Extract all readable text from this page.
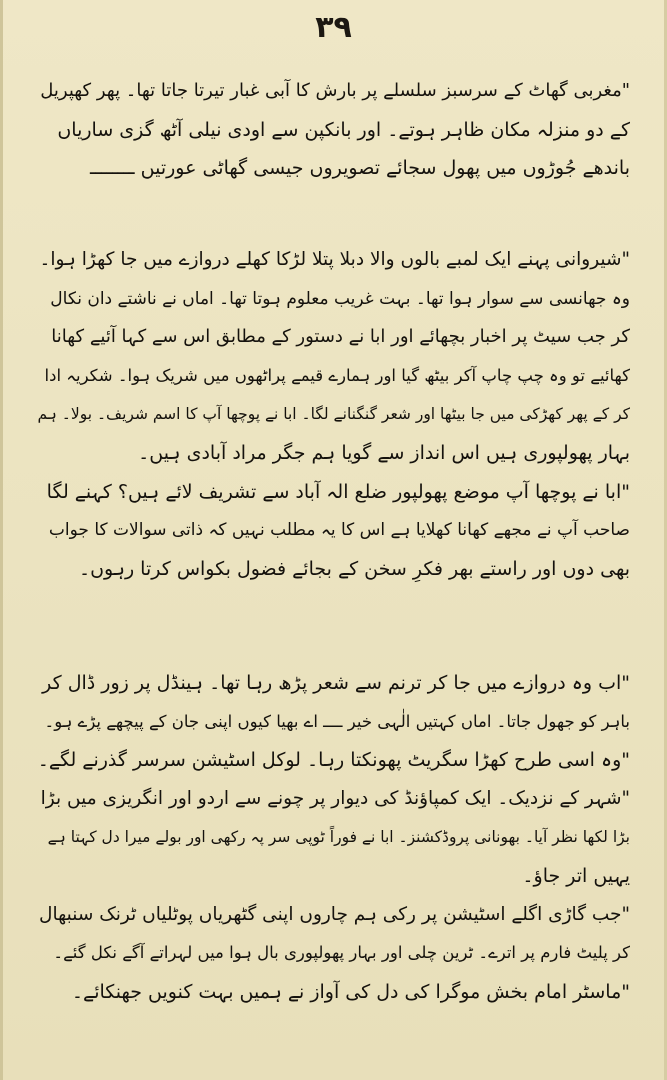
۳۹
"مغربی گھاٹ کے سرسبز سلسلے پر بارش کا آبی غبار تیرتا جاتا تھا۔ پھر کھپریل
کے دو منزلہ مکان ظاہر ہوتے۔ اور بانکپن سے اودی نیلی آٹھ گزی ساریاں
باندھے جُوڑوں میں پھول سجائے تصویروں جیسی گھاٹی عورتیں ــــــــ
"شیروانی پہنے ایک لمبے بالوں والا دبلا پتلا لڑکا کھلے دروازے میں جا کھڑا ہوا۔
وہ جھانسی سے سوار ہوا تھا۔ بہت غریب معلوم ہوتا تھا۔ اماں نے ناشتے دان نکال
کر جب سیٹ پر اخبار بچھائے اور ابا نے دستور کے مطابق اس سے کہا آئیے کھانا
کھائیے تو وہ چپ چاپ آکر بیٹھ گیا اور ہمارے قیمے پراٹھوں میں شریک ہوا۔ شکریہ ادا
کر کے پھر کھڑکی میں جا بیٹھا اور شعر گنگنانے لگا۔ ابا نے پوچھا آپ کا اسم شریف۔ بولا۔ ہم
بہار پھولپوری ہیں اس انداز سے گویا ہم جگر مراد آبادی ہیں۔
"ابا نے پوچھا آپ موضع پھولپور ضلع الہ آباد سے تشریف لائے ہیں؟ کہنے لگا
صاحب آپ نے مجھے کھانا کھلایا ہے اس کا یہ مطلب نہیں کہ ذاتی سوالات کا جواب
بھی دوں اور راستے بھر فکرِ سخن کے بجائے فضول بکواس کرتا رہوں۔
"اب وہ دروازے میں جا کر ترنم سے شعر پڑھ رہا تھا۔ ہینڈل پر زور ڈال کر
باہر کو جھول جاتا۔ اماں کہتیں الٰہی خیر ــــ اے بھیا کیوں اپنی جان کے پیچھے پڑے ہو۔
"وہ اسی طرح کھڑا سگریٹ پھونکتا رہا۔ لوکل اسٹیشن سرسر گذرنے لگے۔
"شہر کے نزدیک۔ ایک کمپاؤنڈ کی دیوار پر چونے سے اردو اور انگریزی میں بڑا
بڑا لکھا نظر آیا۔ بھونانی پروڈکشنز۔ ابا نے فوراً ٹوپی سر پہ رکھی اور بولے میرا دل کہتا ہے
یہیں اتر جاؤ۔
"جب گاڑی اگلے اسٹیشن پر رکی ہم چاروں اپنی گٹھریاں پوٹلیاں ٹرنک سنبھال
کر پلیٹ فارم پر اترے۔ ٹرین چلی اور بہار پھولپوری بال ہوا میں لہراتے آگے نکل گئے۔
"ماسٹر امام بخش موگرا کی دل کی آواز نے ہمیں بہت کنویں جھنکائے۔
